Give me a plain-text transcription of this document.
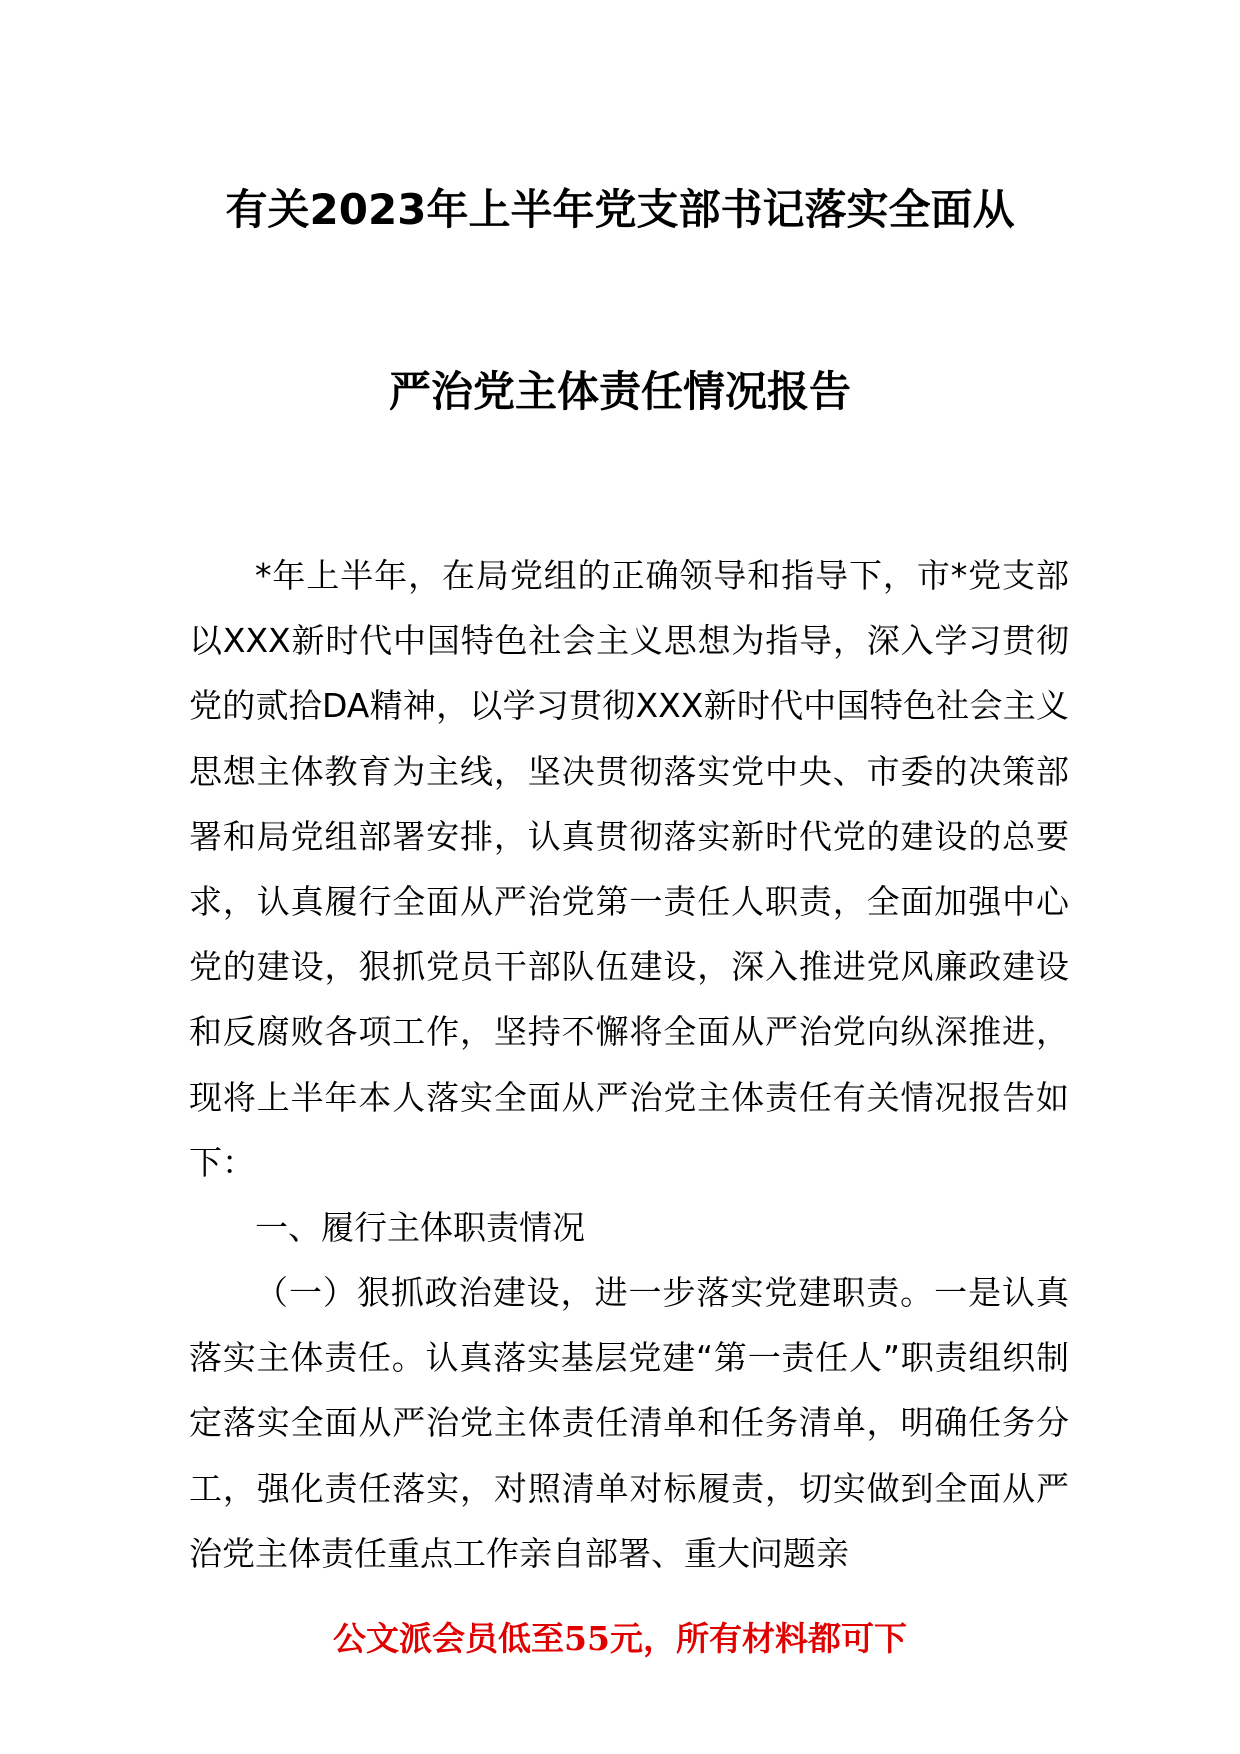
有关2023年上半年党支部书记落实全面从
严治党主体责任情况报告

*年上半年，在局党组的正确领导和指导下，市*党支部以XXX新时代中国特色社会主义思想为指导，深入学习贯彻党的贰拾DA精神，以学习贯彻XXX新时代中国特色社会主义思想主体教育为主线，坚决贯彻落实党中央、市委的决策部署和局党组部署安排，认真贯彻落实新时代党的建设的总要求，认真履行全面从严治党第一责任人职责，全面加强中心党的建设，狠抓党员干部队伍建设，深入推进党风廉政建设和反腐败各项工作，坚持不懈将全面从严治党向纵深推进，现将上半年本人落实全面从严治党主体责任有关情况报告如下：

一、履行主体职责情况

（一）狠抓政治建设，进一步落实党建职责。一是认真落实主体责任。认真落实基层党建“第一责任人”职责组织制定落实全面从严治党主体责任清单和任务清单，明确任务分工，强化责任落实，对照清单对标履责，切实做到全面从严治党主体责任重点工作亲自部署、重大问题亲

公文派会员低至55元，所有材料都可下
